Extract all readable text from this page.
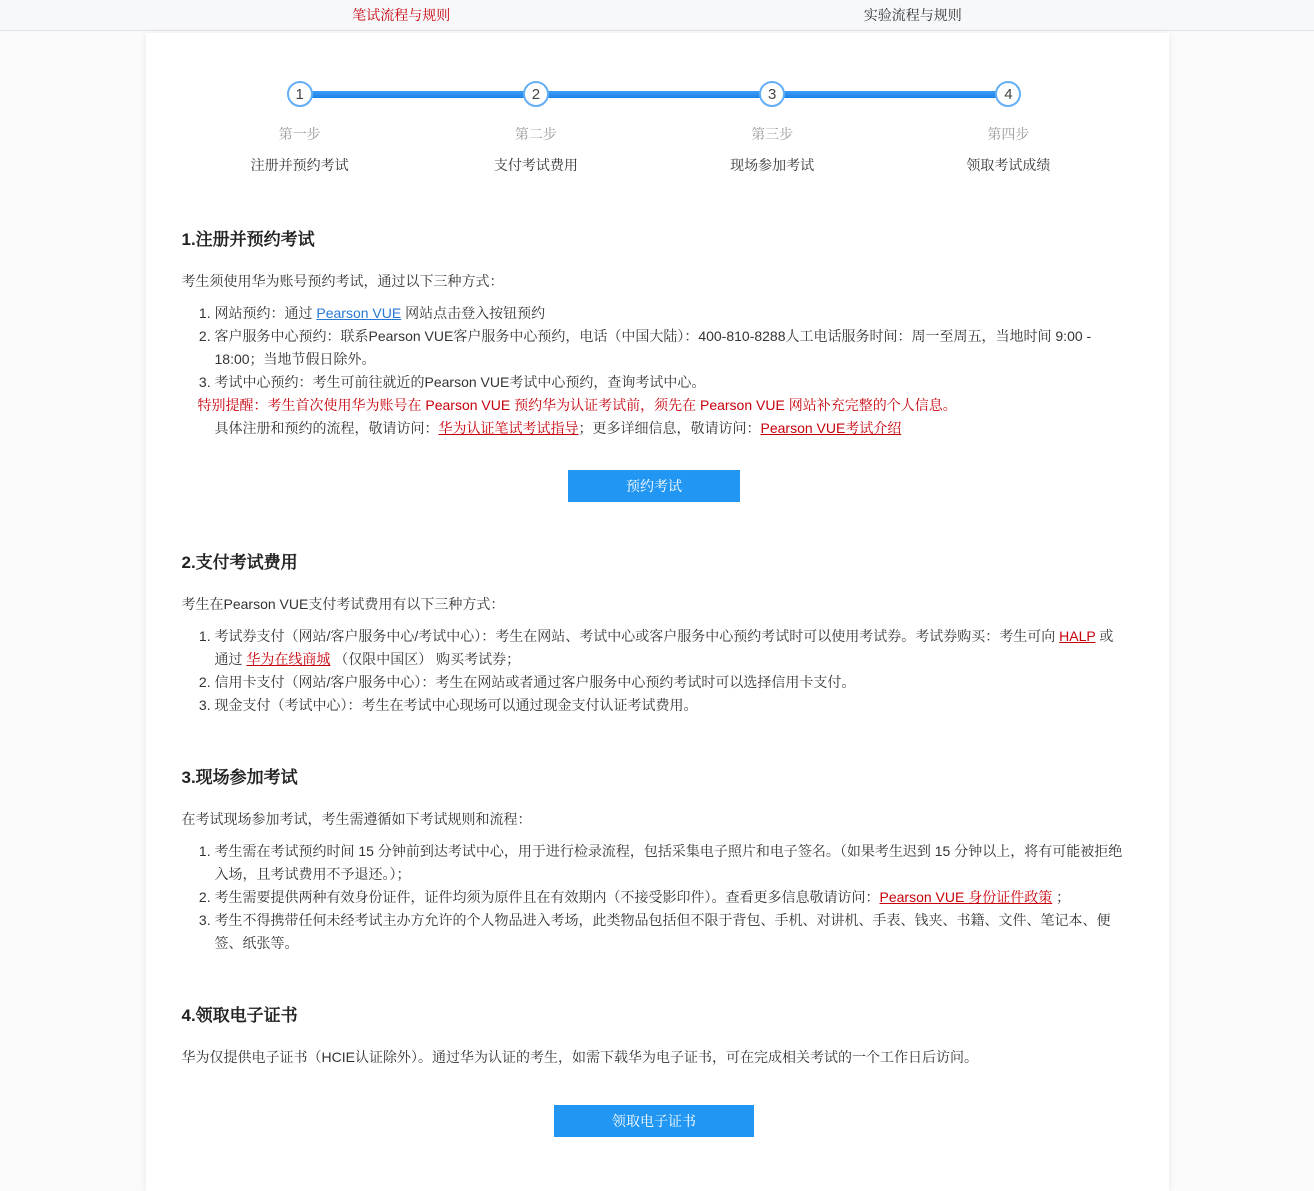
笔试流程与规则	实验流程与规则
1
第一步
注册并预约考试
2
第二步
支付考试费用
3
第三步
现场参加考试
4
第四步
领取考试成绩
1.注册并预约考试

考生须使用华为账号预约考试，通过以下三种方式：

1. 网站预约：通过 Pearson VUE 网站点击登入按钮预约
2. 客户服务中心预约：联系Pearson VUE客户服务中心预约，电话（中国大陆）：400-810-8288人工电话服务时间：周一至周五，当地时间 9:00 - 18:00；当地节假日除外。
3. 考试中心预约：考生可前往就近的Pearson VUE考试中心预约，查询考试中心。
特别提醒：考生首次使用华为账号在 Pearson VUE 预约华为认证考试前，须先在 Pearson VUE 网站补充完整的个人信息。
具体注册和预约的流程，敬请访问：华为认证笔试考试指导；更多详细信息，敬请访问：Pearson VUE考试介绍
预约考试
2.支付考试费用

考生在Pearson VUE支付考试费用有以下三种方式：

1. 考试券支付（网站/客户服务中心/考试中心）：考生在网站、考试中心或客户服务中心预约考试时可以使用考试券。考试券购买：考生可向 HALP 或通过 华为在线商城 （仅限中国区） 购买考试券；
2. 信用卡支付（网站/客户服务中心）：考生在网站或者通过客户服务中心预约考试时可以选择信用卡支付。
3. 现金支付（考试中心）：考生在考试中心现场可以通过现金支付认证考试费用。
3.现场参加考试

在考试现场参加考试，考生需遵循如下考试规则和流程：

1. 考生需在考试预约时间 15 分钟前到达考试中心，用于进行检录流程，包括采集电子照片和电子签名。（如果考生迟到 15 分钟以上，将有可能被拒绝入场，且考试费用不予退还。）；
2. 考生需要提供两种有效身份证件，证件均须为原件且在有效期内（不接受影印件）。查看更多信息敬请访问：Pearson VUE 身份证件政策 ；
3. 考生不得携带任何未经考试主办方允许的个人物品进入考场，此类物品包括但不限于背包、手机、对讲机、手表、钱夹、书籍、文件、笔记本、便签、纸张等。
4.领取电子证书

华为仅提供电子证书（HCIE认证除外）。通过华为认证的考生，如需下载华为电子证书，可在完成相关考试的一个工作日后访问。

领取电子证书
